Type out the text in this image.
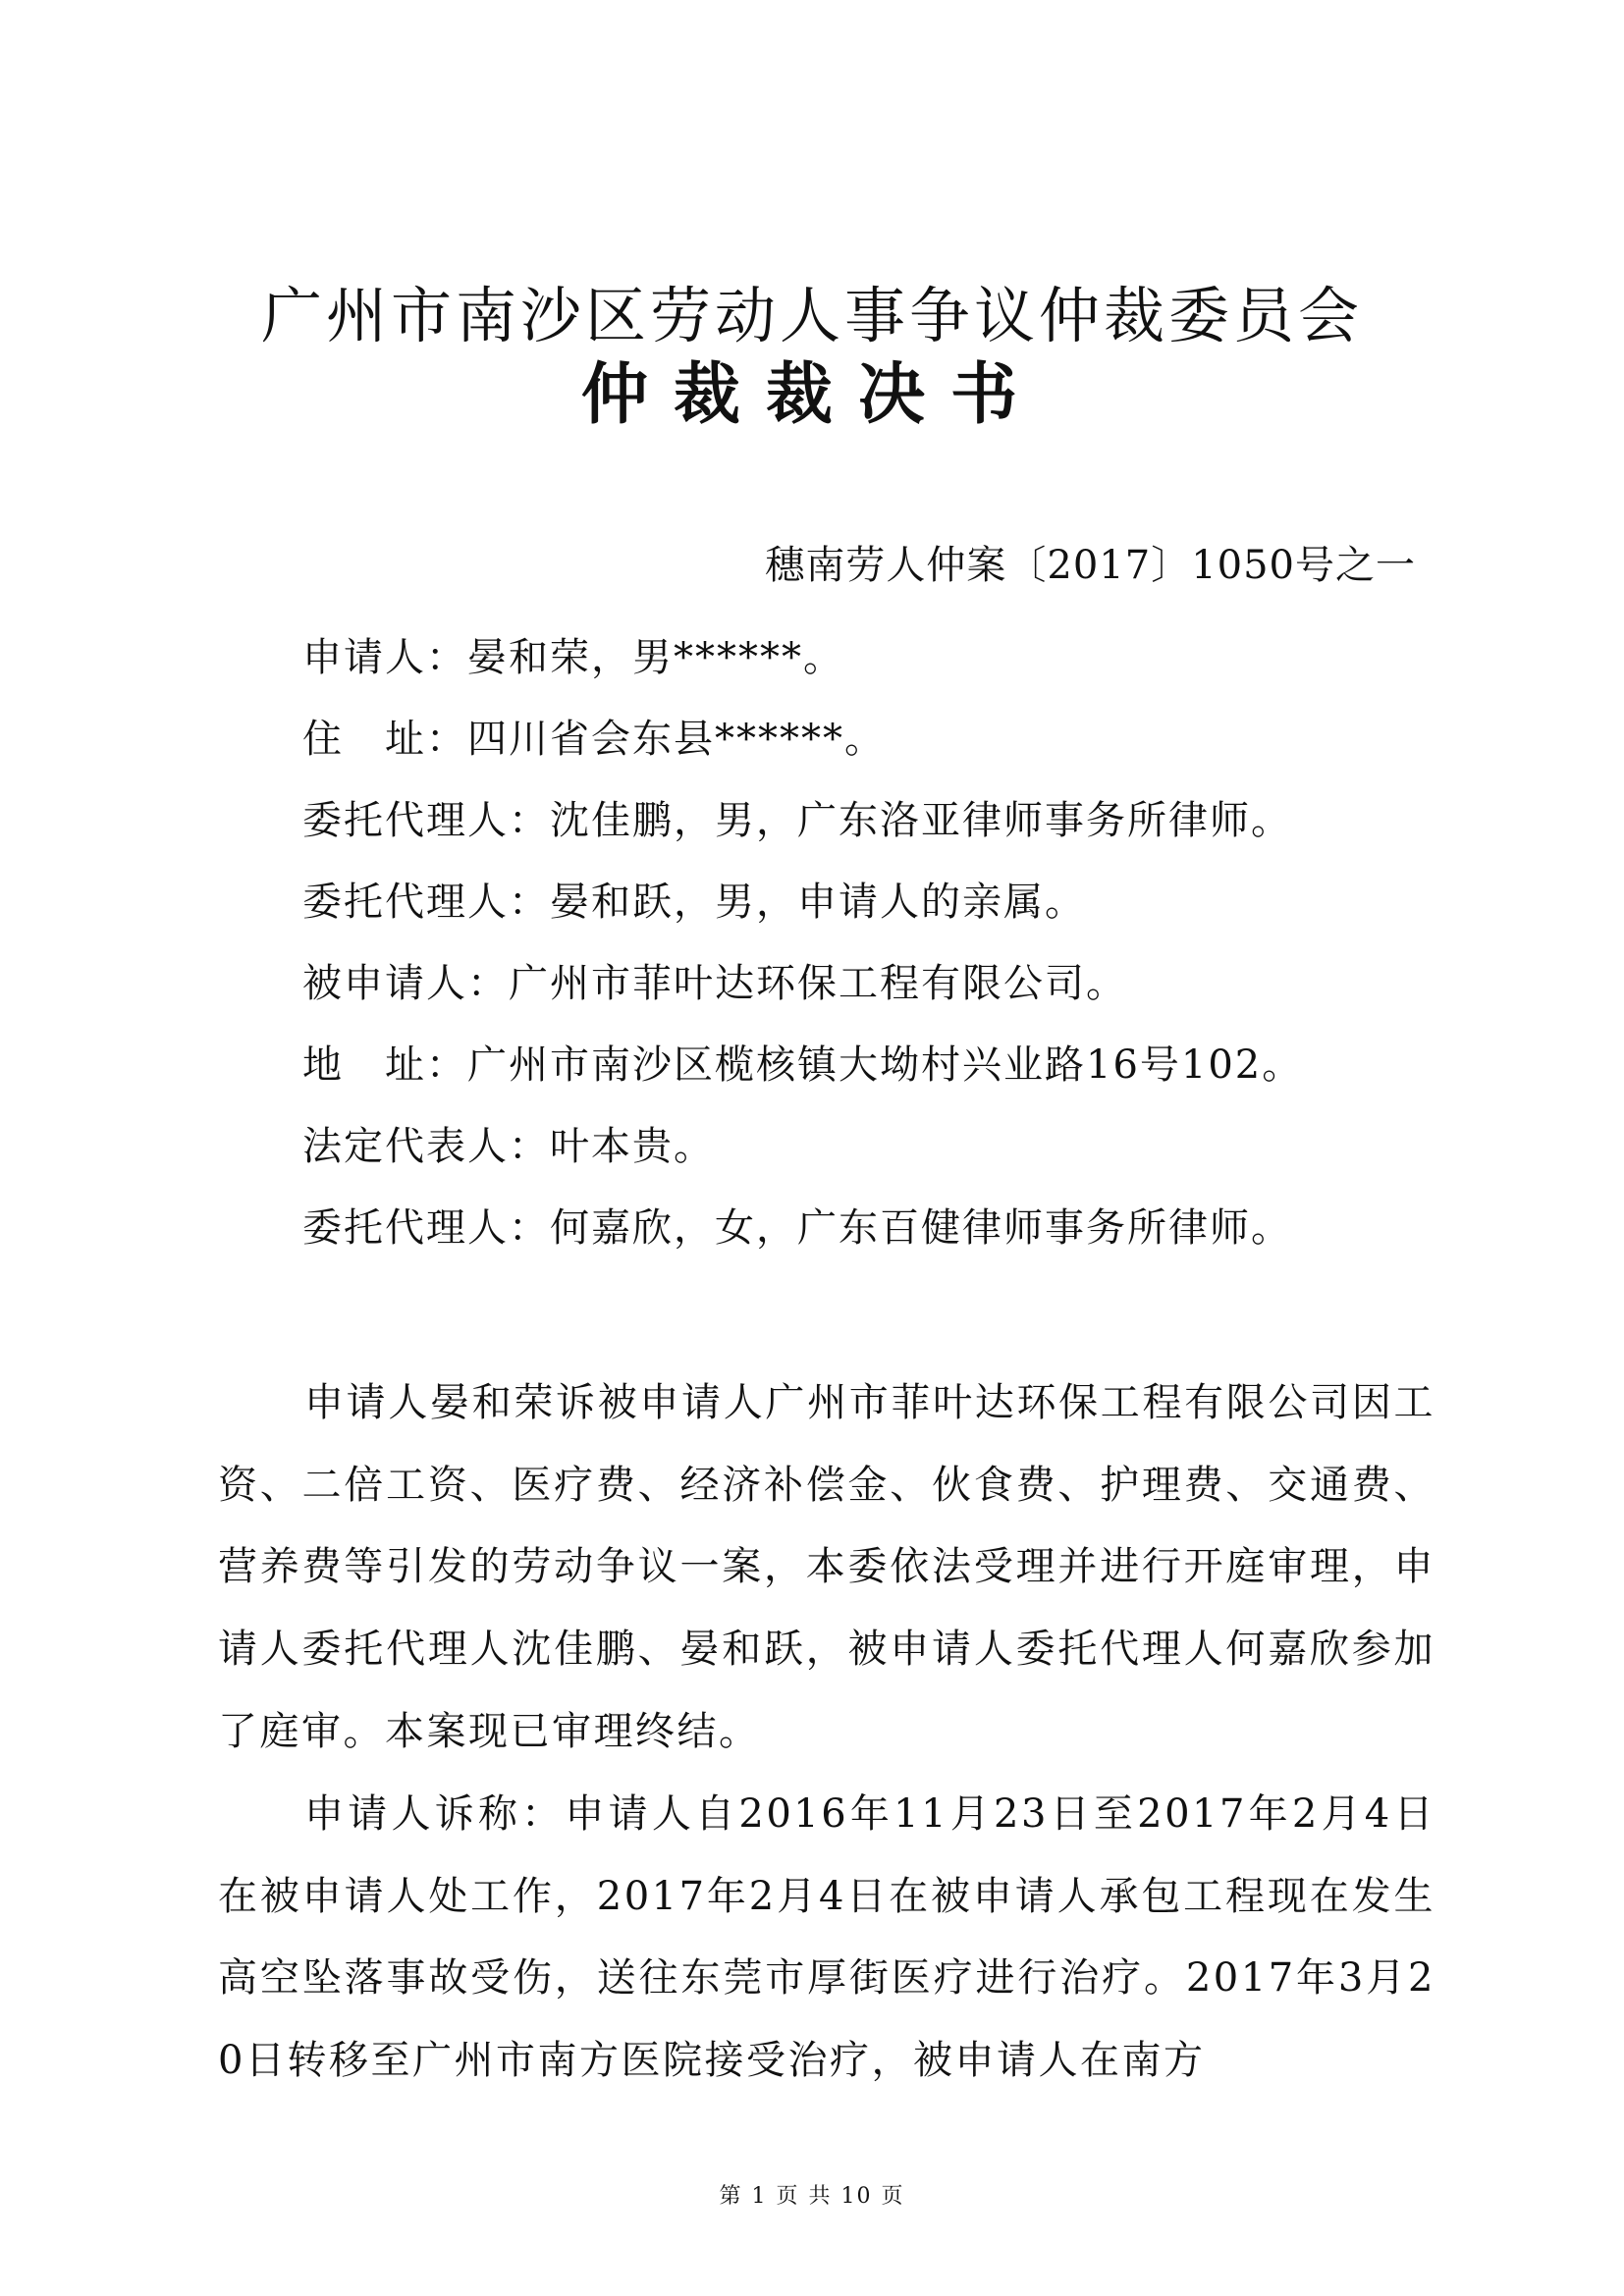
广州市南沙区劳动人事争议仲裁委员会
仲裁裁决书
穗南劳人仲案〔2017〕1050号之一
申请人：晏和荣，男******。
住　址：四川省会东县******。
委托代理人：沈佳鹏，男，广东洛亚律师事务所律师。
委托代理人：晏和跃，男，申请人的亲属。
被申请人：广州市菲叶达环保工程有限公司。
地　址：广州市南沙区榄核镇大坳村兴业路16号102。
法定代表人：叶本贵。
委托代理人：何嘉欣，女，广东百健律师事务所律师。
申请人晏和荣诉被申请人广州市菲叶达环保工程有限公司因工资、二倍工资、医疗费、经济补偿金、伙食费、护理费、交通费、营养费等引发的劳动争议一案，本委依法受理并进行开庭审理，申请人委托代理人沈佳鹏、晏和跃，被申请人委托代理人何嘉欣参加了庭审。本案现已审理终结。
申请人诉称：申请人自2016年11月23日至2017年2月4日在被申请人处工作，2017年2月4日在被申请人承包工程现在发生高空坠落事故受伤，送往东莞市厚街医疗进行治疗。2017年3月20日转移至广州市南方医院接受治疗，被申请人在南方
第 1 页 共 10 页
